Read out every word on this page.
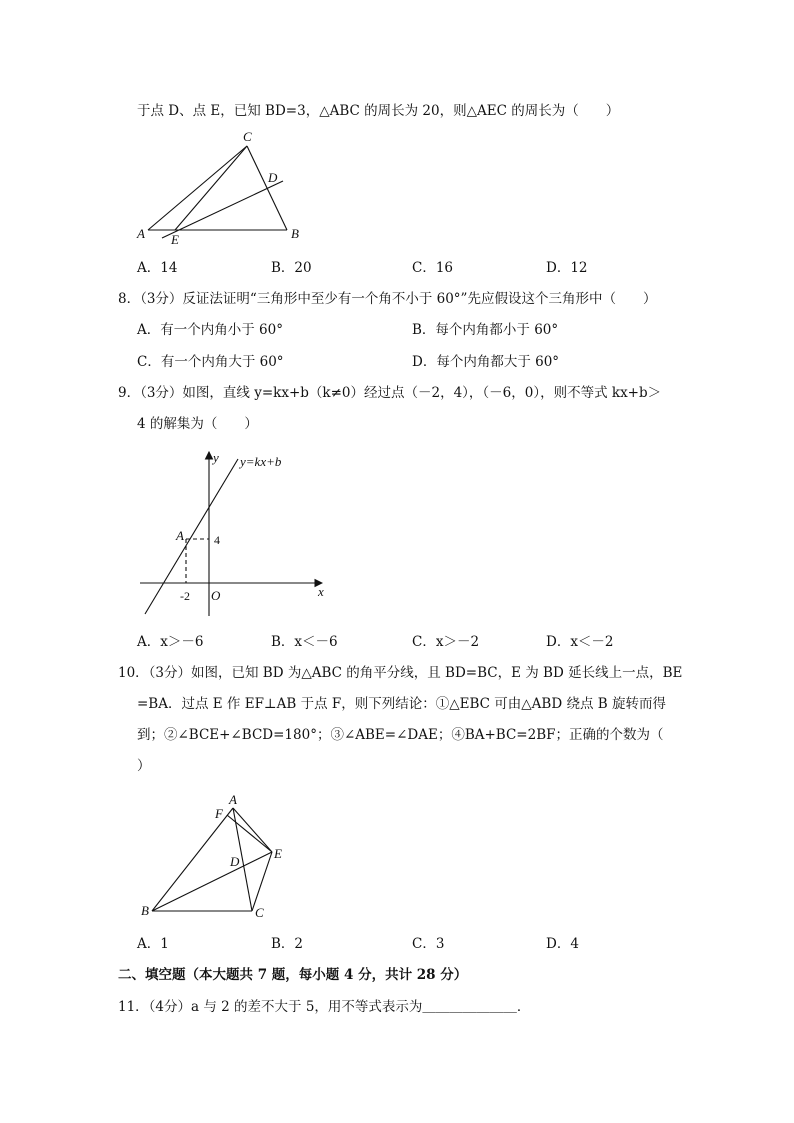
于点 D、点 E，已知 BD=3，△ABC 的周长为 20，则△AEC 的周长为（　　）
C
D
A E	B
A．14	B．20	C．16	D．12
8．（3分）反证法证明“三角形中至少有一个角不小于 60°”先应假设这个三角形中（　　）
A．有一个内角小于 60°	B．每个内角都小于 60°
C．有一个内角大于 60°	D．每个内角都大于 60°
9．（3分）如图，直线 y=kx+b（k≠0）经过点（－2，4），（－6，0），则不等式 kx+b＞
4 的解集为（　　）
y y=kx+b
A	4
-2 O	x
A．x＞－6	B．x＜－6	C．x＞－2	D．x＜－2
10．（3分）如图，已知 BD 为△ABC 的角平分线，且 BD=BC，E 为 BD 延长线上一点，BE
=BA．过点 E 作 EF⊥AB 于点 F，则下列结论：①△EBC 可由△ABD 绕点 B 旋转而得
到；②∠BCE+∠BCD=180°；③∠ABE=∠DAE；④BA+BC=2BF；正确的个数为（
）
A
F
E
D
B	C
A．1	B．2	C．3	D．4
二、填空题（本大题共 7 题，每小题 4 分，共计 28 分）
11．（4分）a 与 2 的差不大于 5，用不等式表示为＿＿＿＿＿＿＿．
